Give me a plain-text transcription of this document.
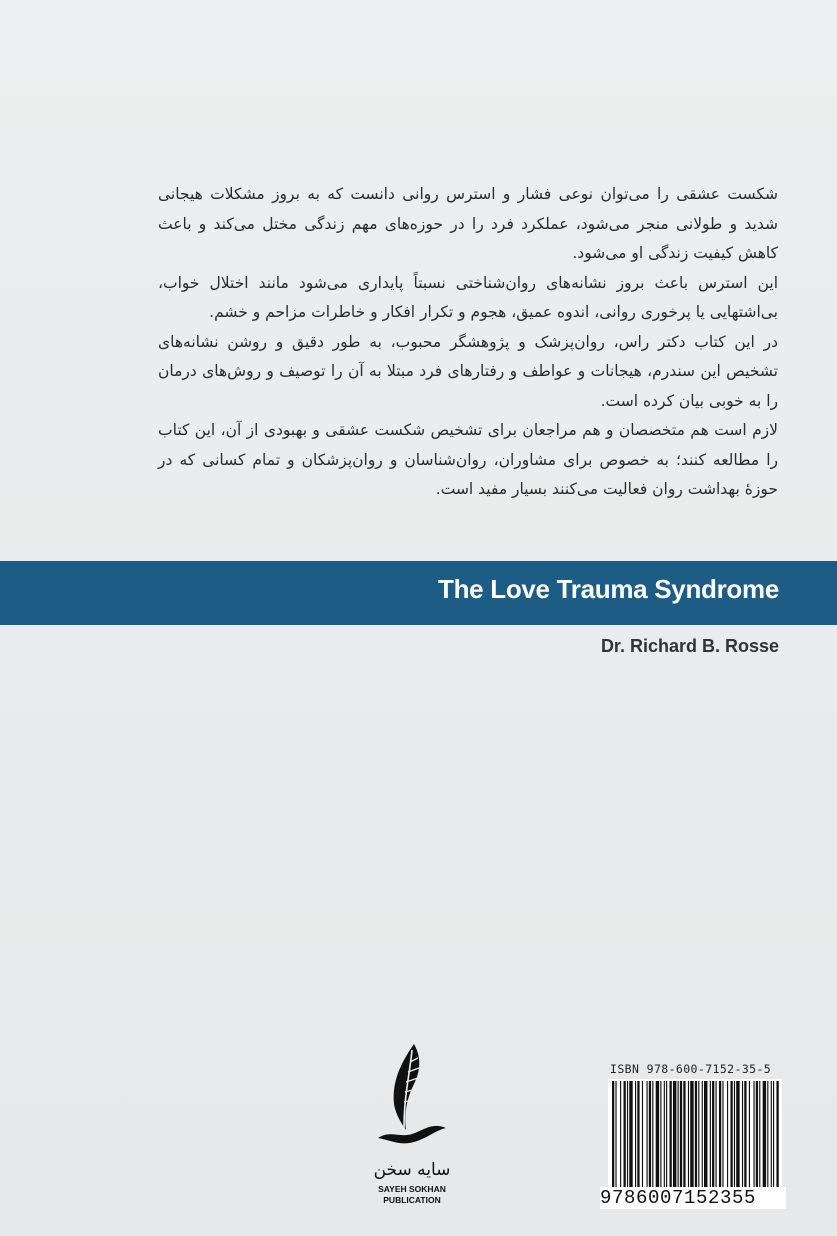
شکست عشقی را می‌توان نوعی فشار و استرس روانی دانست که به بروز مشکلات هیجانی شدید و طولانی منجر می‌شود، عملکرد فرد را در حوزه‌های مهم زندگی مختل می‌کند و باعث کاهش کیفیت زندگی او می‌شود.

این استرس باعث بروز نشانه‌های روان‌شناختی نسبتاً پایداری می‌شود مانند اختلال خواب، بی‌اشتهایی یا پرخوری روانی، اندوه عمیق، هجوم و تکرار افکار و خاطرات مزاحم و خشم.

در این کتاب دکتر راس، روان‌پزشک و پژوهشگر محبوب، به طور دقیق و روشن نشانه‌های تشخیص این سندرم، هیجانات و عواطف و رفتارهای فرد مبتلا به آن را توصیف و روش‌های درمان را به خوبی بیان کرده است.

لازم است هم متخصصان و هم مراجعان برای تشخیص شکست عشقی و بهبودی از آن، این کتاب را مطالعه کنند؛ به خصوص برای مشاوران، روان‌شناسان و روان‌پزشکان و تمام کسانی که در حوزهٔ بهداشت روان فعالیت می‌کنند بسیار مفید است.

The Love Trauma Syndrome
Dr. Richard B. Rosse
سایه سخن
SAYEH SOKHAN
PUBLICATION
ISBN 978-600-7152-35-5
9786007152355
